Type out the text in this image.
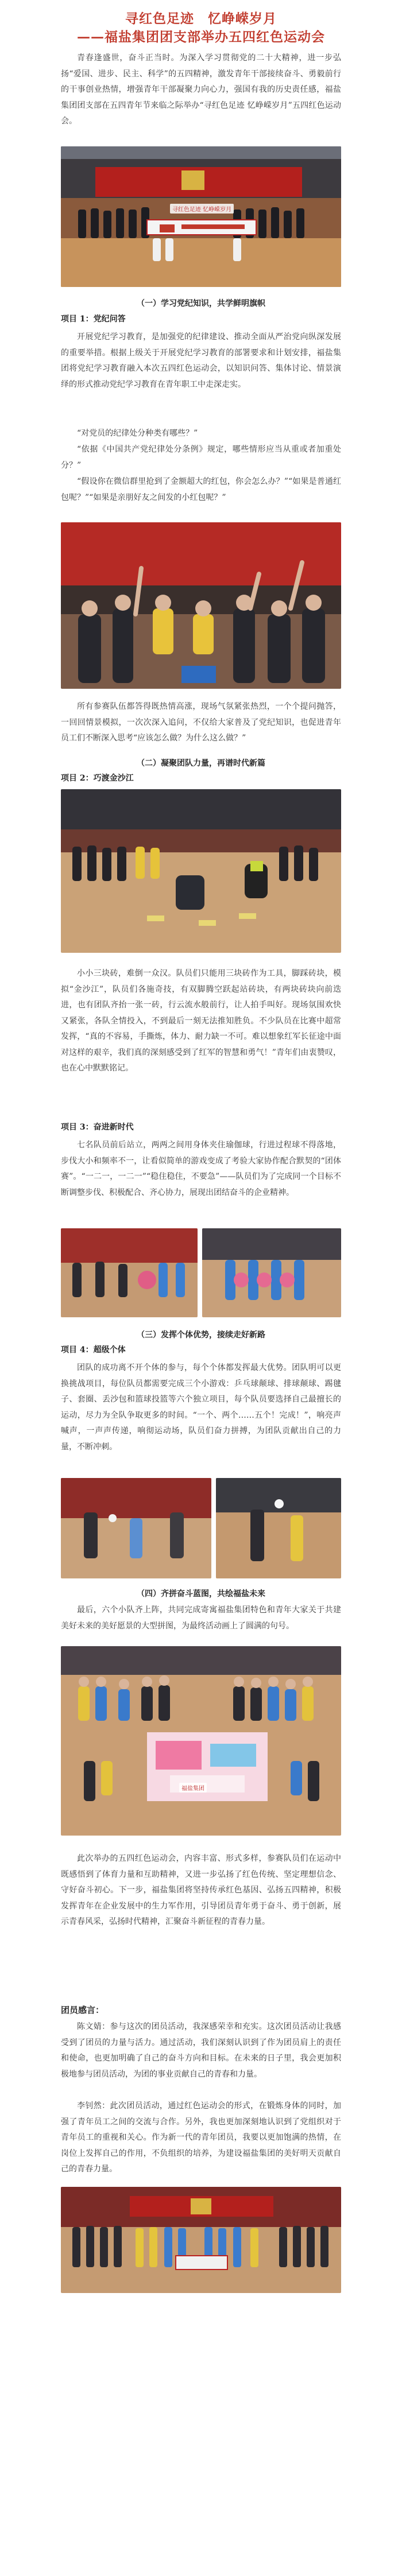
寻红色足迹　忆峥嵘岁月
——福盐集团团支部举办五四红色运动会

青春逢盛世，奋斗正当时。为深入学习贯彻党的二十大精神，进一步弘扬“爱国、进步、民主、科学”的五四精神，激发青年干部接续奋斗、勇毅前行的干事创业热情，增强青年干部凝聚力向心力，强国有我的历史责任感，福盐集团团支部在五四青年节来临之际举办“寻红色足迹 忆峥嵘岁月”五四红色运动会。

寻红色足迹 忆峥嵘岁月
（一）学习党纪知识，共学鲜明旗帜
项目 1：党纪问答

开展党纪学习教育，是加强党的纪律建设、推动全面从严治党向纵深发展的重要举措。根据上级关于开展党纪学习教育的部署要求和计划安排，福盐集团将党纪学习教育融入本次五四红色运动会，以知识问答、集体讨论、情景演绎的形式推动党纪学习教育在青年职工中走深走实。

“对党员的纪律处分种类有哪些？”

“依据《中国共产党纪律处分条例》规定，哪些情形应当从重或者加重处分？”

“假设你在微信群里抢到了金额超大的红包，你会怎么办？”“如果是普通红包呢？”“如果是亲朋好友之间发的小红包呢？”

所有参赛队伍都答得既热情高涨，现场气氛紧张热烈，一个个提问抛答，一回回情景模拟，一次次深入追问，不仅给大家普及了党纪知识，也促进青年员工们不断深入思考“应该怎么做？为什么这么做？”

（二）凝聚团队力量，再谱时代新篇
项目 2：巧渡金沙江

小小三块砖，难倒一众汉。队员们只能用三块砖作为工具，脚踩砖块，模拟“金沙江”，队员们各施奇技，有双脚腾空跃起站砖块，有两块砖块向前迭进，也有团队齐抬一张一砖，行云流水般前行，让人拍手叫好。现场氛围欢快又紧张，各队全情投入，不到最后一刻无法推知胜负。不少队员在比赛中超常发挥，“真的不容易，手撕炼，体力、耐力缺一不可。难以想象红军长征途中面对这样的艰辛，我们真的深刻感受到了红军的智慧和勇气！”青年们由衷赞叹，也在心中默默铭记。

项目 3：奋进新时代

七名队员前后站立，两两之间用身体夹住瑜伽球，行进过程球不得落地，步伐大小和频率不一，让看似简单的游戏变成了考验大家协作配合默契的“团体赛”。“一二一，一二一”“稳住稳住，不要急”——队员们为了完成同一个目标不断调整步伐、积极配合、齐心协力，展现出团结奋斗的企业精神。

（三）发挥个体优势，接续走好新路
项目 4：超级个体

团队的成功离不开个体的参与，每个个体都发挥最大优势。团队明可以更换挑战项目，每位队员都需要完成三个小游戏：乒乓球颠球、排球颠球、踢毽子、套圈、丢沙包和篮球投篮等六个独立项目，每个队员要选择自己最擅长的运动，尽力为全队争取更多的时间。“一个、两个……五个！完成！”，响亮声喊声，一声声传递，响彻运动场，队员们奋力拼搏，为团队贡献出自己的力量，不断冲刺。

（四）齐拼奋斗蓝图，共绘福盐未来

最后，六个小队齐上阵，共同完成寄寓福盐集团特色和青年大家关于共建美好未来的美好愿景的大型拼图，为最终活动画上了圆满的句号。

福盐集团

此次举办的五四红色运动会，内容丰富、形式多样，参赛队员们在运动中既感悟到了体育力量和互助精神，又进一步弘扬了红色传统、坚定理想信念、守好奋斗初心。下一步，福盐集团将坚持传承红色基因、弘扬五四精神，积极发挥青年在企业发展中的生力军作用，引导团员青年勇于奋斗、勇于创新，展示青春风采，弘扬时代精神，汇聚奋斗新征程的青春力量。

团员感言：

陈文婧：参与这次的团员活动，我深感荣幸和充实。这次团员活动让我感受到了团员的力量与活力。通过活动，我们深刻认识到了作为团员肩上的责任和使命，也更加明确了自己的奋斗方向和目标。在未来的日子里，我会更加积极地参与团员活动，为团的事业贡献自己的青春和力量。

李钊然：此次团员活动，通过红色运动会的形式，在锻炼身体的同时，加强了青年员工之间的交流与合作。另外，我也更加深刻地认识到了党组织对于青年员工的重视和关心。作为新一代的青年团员，我要以更加饱满的热情，在岗位上发挥自己的作用，不负组织的培养，为建设福盐集团的美好明天贡献自己的青春力量。
